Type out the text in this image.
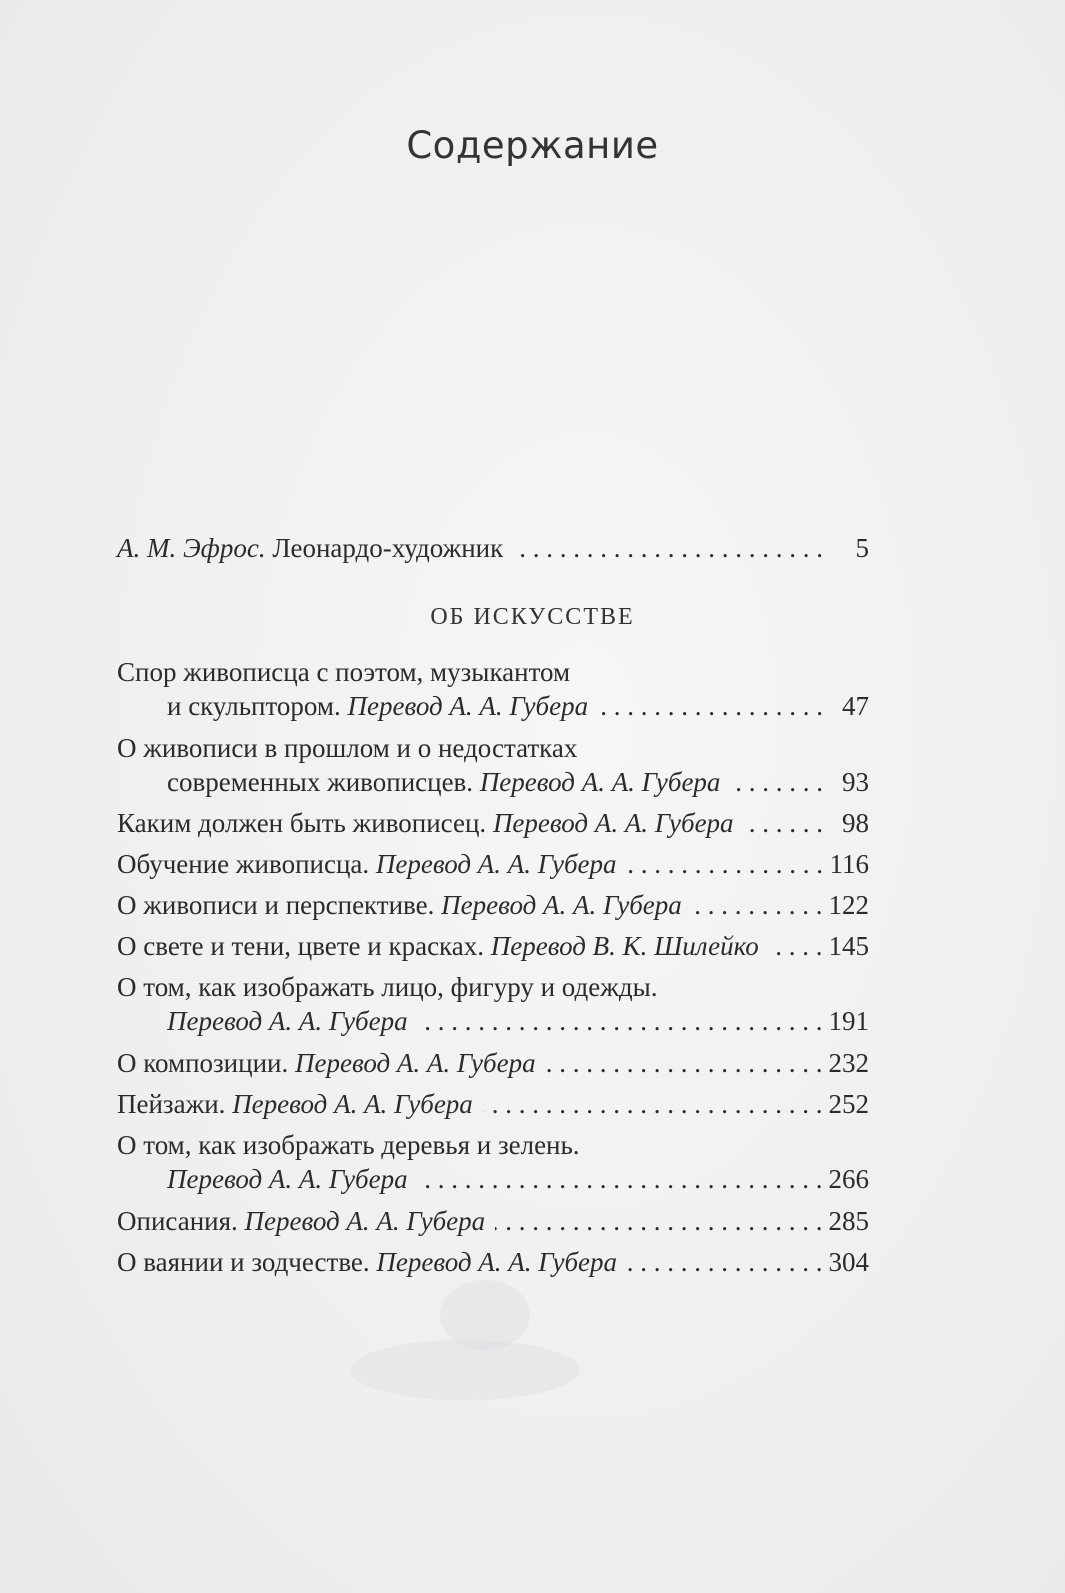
Содержание
А. М. Эфрос.
Леонардо-художник . . .	5
Спор живописца с поэтом, музыкантом
и скульптором.
Перевод А. А. Губера . . .	47
О живописи в прошлом и о недостатках
современных живописцев.
Перевод А. А. Губера . . .	93
Каким должен быть живописец.
Перевод А. А. Губера . . .	98
Обучение живописца.
Перевод А. А. Губера . . .	116
О живописи и перспективе.
Перевод А. А. Губера . . .	122
О свете и тени, цвете и красках.
Перевод В. К. Шилейко . . .	145
О том, как изображать лицо, фигуру и одежды.
Перевод А. А. Губера . . .	191
О композиции.
Перевод А. А. Губера . . .	232
Пейзажи.
Перевод А. А. Губера . . .	252
О том, как изображать деревья и зелень.
Перевод А. А. Губера . . .	266
Описания.
Перевод А. А. Губера . . .	285
О ваянии и зодчестве.
Перевод А. А. Губера . . .	304
ОБ ИСКУССТВЕ
